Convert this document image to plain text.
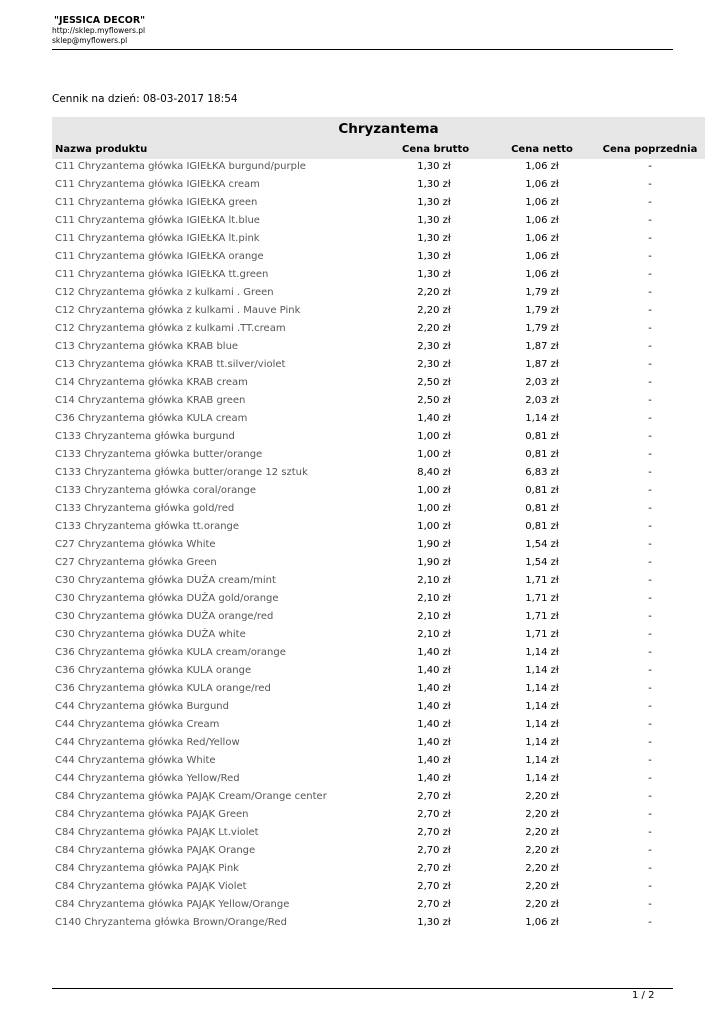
"JESSICA DECOR"
http://sklep.myflowers.pl
sklep@myflowers.pl
Cennik na dzień: 08-03-2017 18:54
Chryzantema
Nazwa produktu	Cena brutto	Cena netto	Cena poprzednia
C11 Chryzantema główka IGIEŁKA burgund/purple	1,30 zł	1,06 zł	-
C11 Chryzantema główka IGIEŁKA cream	1,30 zł	1,06 zł	-
C11 Chryzantema główka IGIEŁKA green	1,30 zł	1,06 zł	-
C11 Chryzantema główka IGIEŁKA lt.blue	1,30 zł	1,06 zł	-
C11 Chryzantema główka IGIEŁKA lt.pink	1,30 zł	1,06 zł	-
C11 Chryzantema główka IGIEŁKA orange	1,30 zł	1,06 zł	-
C11 Chryzantema główka IGIEŁKA tt.green	1,30 zł	1,06 zł	-
C12 Chryzantema główka z kulkami . Green	2,20 zł	1,79 zł	-
C12 Chryzantema główka z kulkami . Mauve Pink	2,20 zł	1,79 zł	-
C12 Chryzantema główka z kulkami .TT.cream	2,20 zł	1,79 zł	-
C13 Chryzantema główka KRAB blue	2,30 zł	1,87 zł	-
C13 Chryzantema główka KRAB tt.silver/violet	2,30 zł	1,87 zł	-
C14 Chryzantema główka KRAB cream	2,50 zł	2,03 zł	-
C14 Chryzantema główka KRAB green	2,50 zł	2,03 zł	-
C36 Chryzantema główka KULA cream	1,40 zł	1,14 zł	-
C133 Chryzantema główka burgund	1,00 zł	0,81 zł	-
C133 Chryzantema główka butter/orange	1,00 zł	0,81 zł	-
C133 Chryzantema główka butter/orange 12 sztuk	8,40 zł	6,83 zł	-
C133 Chryzantema główka coral/orange	1,00 zł	0,81 zł	-
C133 Chryzantema główka gold/red	1,00 zł	0,81 zł	-
C133 Chryzantema główka tt.orange	1,00 zł	0,81 zł	-
C27 Chryzantema główka White	1,90 zł	1,54 zł	-
C27 Chryzantema główka Green	1,90 zł	1,54 zł	-
C30 Chryzantema główka DUŻA cream/mint	2,10 zł	1,71 zł	-
C30 Chryzantema główka DUŻA gold/orange	2,10 zł	1,71 zł	-
C30 Chryzantema główka DUŻA orange/red	2,10 zł	1,71 zł	-
C30 Chryzantema główka DUŻA white	2,10 zł	1,71 zł	-
C36 Chryzantema główka KULA cream/orange	1,40 zł	1,14 zł	-
C36 Chryzantema główka KULA orange	1,40 zł	1,14 zł	-
C36 Chryzantema główka KULA orange/red	1,40 zł	1,14 zł	-
C44 Chryzantema główka Burgund	1,40 zł	1,14 zł	-
C44 Chryzantema główka Cream	1,40 zł	1,14 zł	-
C44 Chryzantema główka Red/Yellow	1,40 zł	1,14 zł	-
C44 Chryzantema główka White	1,40 zł	1,14 zł	-
C44 Chryzantema główka Yellow/Red	1,40 zł	1,14 zł	-
C84 Chryzantema główka PAJĄK Cream/Orange center	2,70 zł	2,20 zł	-
C84 Chryzantema główka PAJĄK Green	2,70 zł	2,20 zł	-
C84 Chryzantema główka PAJĄK Lt.violet	2,70 zł	2,20 zł	-
C84 Chryzantema główka PAJĄK Orange	2,70 zł	2,20 zł	-
C84 Chryzantema główka PAJĄK Pink	2,70 zł	2,20 zł	-
C84 Chryzantema główka PAJĄK Violet	2,70 zł	2,20 zł	-
C84 Chryzantema główka PAJĄK Yellow/Orange	2,70 zł	2,20 zł	-
C140 Chryzantema główka Brown/Orange/Red	1,30 zł	1,06 zł	-
1 / 2
